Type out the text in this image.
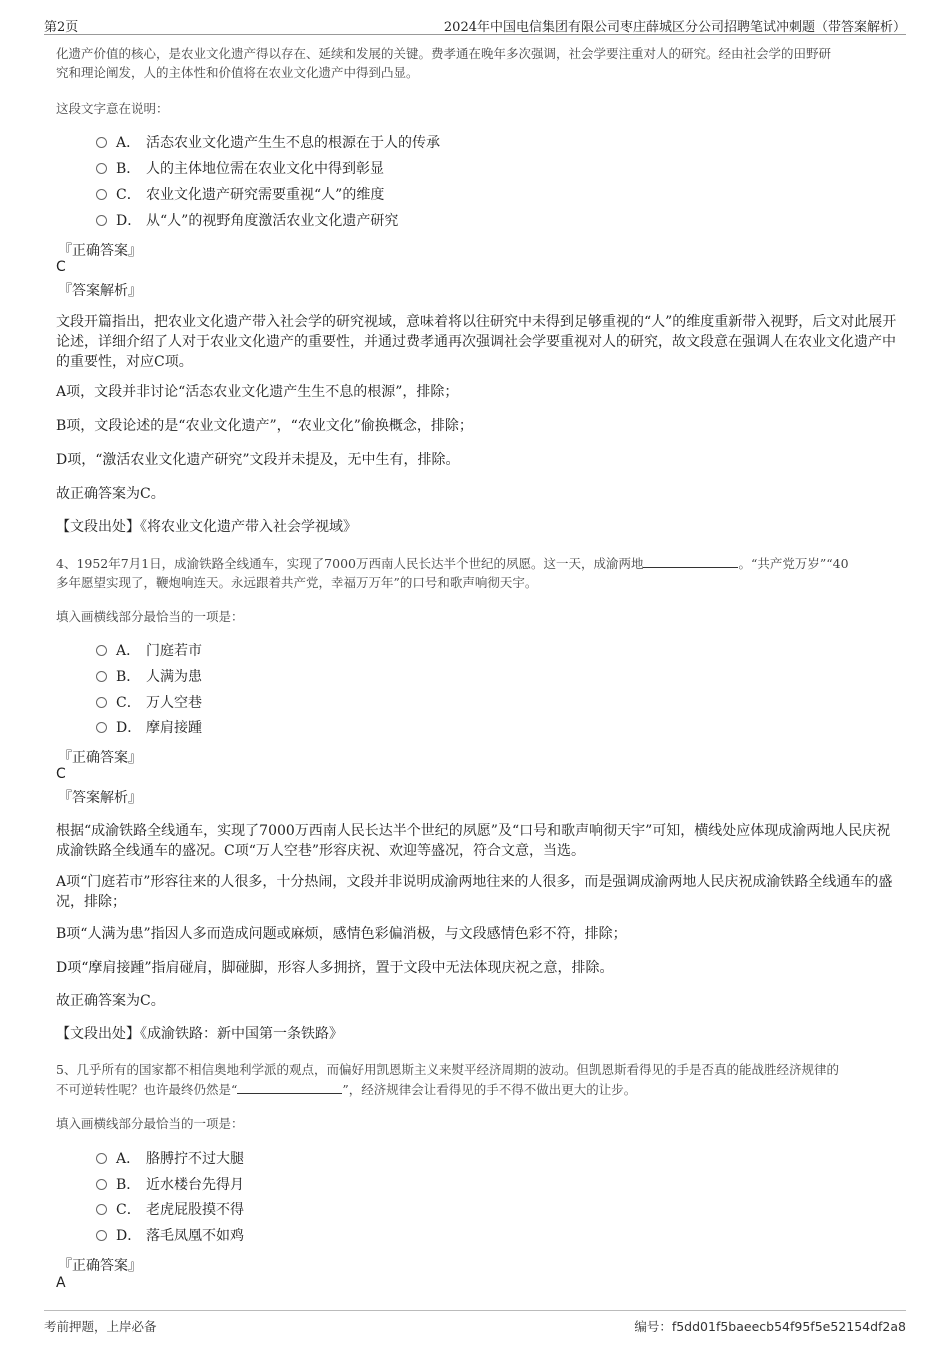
第2页	2024年中国电信集团有限公司枣庄薛城区分公司招聘笔试冲刺题（带答案解析）
化遗产价值的核心，是农业文化遗产得以存在、延续和发展的关键。费孝通在晚年多次强调，社会学要注重对人的研究。经由社会学的田野研
究和理论阐发，人的主体性和价值将在农业文化遗产中得到凸显。
这段文字意在说明：
A． 活态农业文化遗产生生不息的根源在于人的传承
B． 人的主体地位需在农业文化中得到彰显
C． 农业文化遗产研究需要重视“人”的维度
D． 从“人”的视野角度激活农业文化遗产研究
『正确答案』
C
『答案解析』
文段开篇指出，把农业文化遗产带入社会学的研究视域，意味着将以往研究中未得到足够重视的“人”的维度重新带入视野，后文对此展开论述，详细介绍了人对于农业文化遗产的重要性，并通过费孝通再次强调社会学要重视对人的研究，故文段意在强调人在农业文化遗产中的重要性，对应C项。
A项，文段并非讨论“活态农业文化遗产生生不息的根源”，排除；
B项，文段论述的是“农业文化遗产”，“农业文化”偷换概念，排除；
D项，“激活农业文化遗产研究”文段并未提及，无中生有，排除。
故正确答案为C。
【文段出处】《将农业文化遗产带入社会学视域》
4、1952年7月1日，成渝铁路全线通车，实现了7000万西南人民长达半个世纪的夙愿。这一天，成渝两地	。“共产党万岁”“40
多年愿望实现了，鞭炮响连天。永远跟着共产党，幸福万万年”的口号和歌声响彻天宇。
填入画横线部分最恰当的一项是：
A． 门庭若市
B． 人满为患
C． 万人空巷
D． 摩肩接踵
『正确答案』
C
『答案解析』
根据“成渝铁路全线通车，实现了7000万西南人民长达半个世纪的夙愿”及“口号和歌声响彻天宇”可知，横线处应体现成渝两地人民庆祝成渝铁路全线通车的盛况。C项“万人空巷”形容庆祝、欢迎等盛况，符合文意，当选。
A项“门庭若市”形容往来的人很多，十分热闹，文段并非说明成渝两地往来的人很多，而是强调成渝两地人民庆祝成渝铁路全线通车的盛况，排除；
B项“人满为患”指因人多而造成问题或麻烦，感情色彩偏消极，与文段感情色彩不符，排除；
D项“摩肩接踵”指肩碰肩，脚碰脚，形容人多拥挤，置于文段中无法体现庆祝之意，排除。
故正确答案为C。
【文段出处】《成渝铁路：新中国第一条铁路》
5、几乎所有的国家都不相信奥地利学派的观点，而偏好用凯恩斯主义来熨平经济周期的波动。但凯恩斯看得见的手是否真的能战胜经济规律的
不可逆转性呢？也许最终仍然是“	”，经济规律会让看得见的手不得不做出更大的让步。
填入画横线部分最恰当的一项是：
A． 胳膊拧不过大腿
B． 近水楼台先得月
C． 老虎屁股摸不得
D． 落毛凤凰不如鸡
『正确答案』
A
考前押题，上岸必备	编号：f5dd01f5baeecb54f95f5e52154df2a8
